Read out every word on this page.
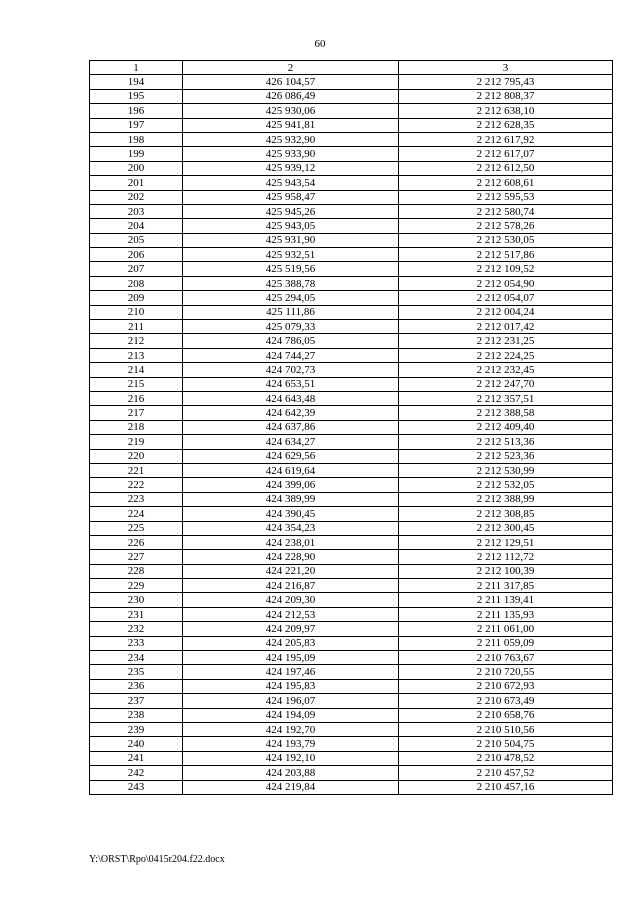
60
1	2	3
194	426 104,57	2 212 795,43
195	426 086,49	2 212 808,37
196	425 930,06	2 212 638,10
197	425 941,81	2 212 628,35
198	425 932,90	2 212 617,92
199	425 933,90	2 212 617,07
200	425 939,12	2 212 612,50
201	425 943,54	2 212 608,61
202	425 958,47	2 212 595,53
203	425 945,26	2 212 580,74
204	425 943,05	2 212 578,26
205	425 931,90	2 212 530,05
206	425 932,51	2 212 517,86
207	425 519,56	2 212 109,52
208	425 388,78	2 212 054,90
209	425 294,05	2 212 054,07
210	425 111,86	2 212 004,24
211	425 079,33	2 212 017,42
212	424 786,05	2 212 231,25
213	424 744,27	2 212 224,25
214	424 702,73	2 212 232,45
215	424 653,51	2 212 247,70
216	424 643,48	2 212 357,51
217	424 642,39	2 212 388,58
218	424 637,86	2 212 409,40
219	424 634,27	2 212 513,36
220	424 629,56	2 212 523,36
221	424 619,64	2 212 530,99
222	424 399,06	2 212 532,05
223	424 389,99	2 212 388,99
224	424 390,45	2 212 308,85
225	424 354,23	2 212 300,45
226	424 238,01	2 212 129,51
227	424 228,90	2 212 112,72
228	424 221,20	2 212 100,39
229	424 216,87	2 211 317,85
230	424 209,30	2 211 139,41
231	424 212,53	2 211 135,93
232	424 209,97	2 211 061,00
233	424 205,83	2 211 059,09
234	424 195,09	2 210 763,67
235	424 197,46	2 210 720,55
236	424 195,83	2 210 672,93
237	424 196,07	2 210 673,49
238	424 194,09	2 210 658,76
239	424 192,70	2 210 510,56
240	424 193,79	2 210 504,75
241	424 192,10	2 210 478,52
242	424 203,88	2 210 457,52
243	424 219,84	2 210 457,16
Y:\ORST\Rpo\0415r204.f22.docx
